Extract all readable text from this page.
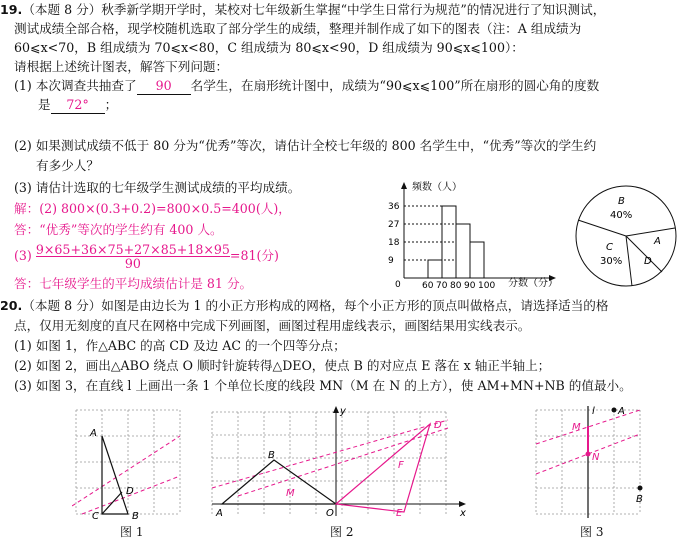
19.（本题 8 分）秋季新学期开学时，某校对七年级新生掌握“中学生日常行为规范”的情况进行了知识测试，
测试成绩全部合格，现学校随机选取了部分学生的成绩，整理并制作成了如下的图表（注：A 组成绩为
60⩽x<70，B 组成绩为 70⩽x<80，C 组成绩为 80⩽x<90，D 组成绩为 90⩽x⩽100）：
请根据上述统计图表，解答下列问题：
(1) 本次调查共抽查了 90 名学生，在扇形统计图中，成绩为“90⩽x⩽100”所在扇形的圆心角的度数
是 72° ；
(2) 如果测试成绩不低于 80 分为“优秀”等次，请估计全校七年级的 800 名学生中，“优秀”等次的学生约
有多少人？
(3) 请估计选取的七年级学生测试成绩的平均成绩。
解：(2) 800×(0.3+0.2)=800×0.5=400(人)，
答：“优秀”等次的学生约有 400 人。
$(3) \frac{9\times 65+36\times 75+27\times 85+18\times 95}{90} =81$(分)
答：七年级学生的平均成绩估计是 81 分。
频数（人）
分数（分）
0
36
27
18
9
60 70 80 90 100
B
40%
A
C
30% D
20.（本题 8 分）如图是由边长为 1 的小正方形构成的网格，每个小正方形的顶点叫做格点，请选择适当的格
点，仅用无刻度的直尺在网格中完成下列画图，画图过程用虚线表示，画图结果用实线表示。
(1) 如图 1，作△ABC 的高 CD 及边 AC 的一个四等分点；
(2) 如图 2，画出△ABO 绕点 O 顺时针旋转得△DEO，使点 B 的对应点 E 落在 x 轴正半轴上；
(3) 如图 3，在直线 l 上画出一条 1 个单位长度的线段 MN（M 在 N 的上方），使 AM+MN+NB 的值最小。
A
B
C
D
图 1
B
A	O
D
E
F
M
x
y
图 2
l A
M
N
B
图 3
